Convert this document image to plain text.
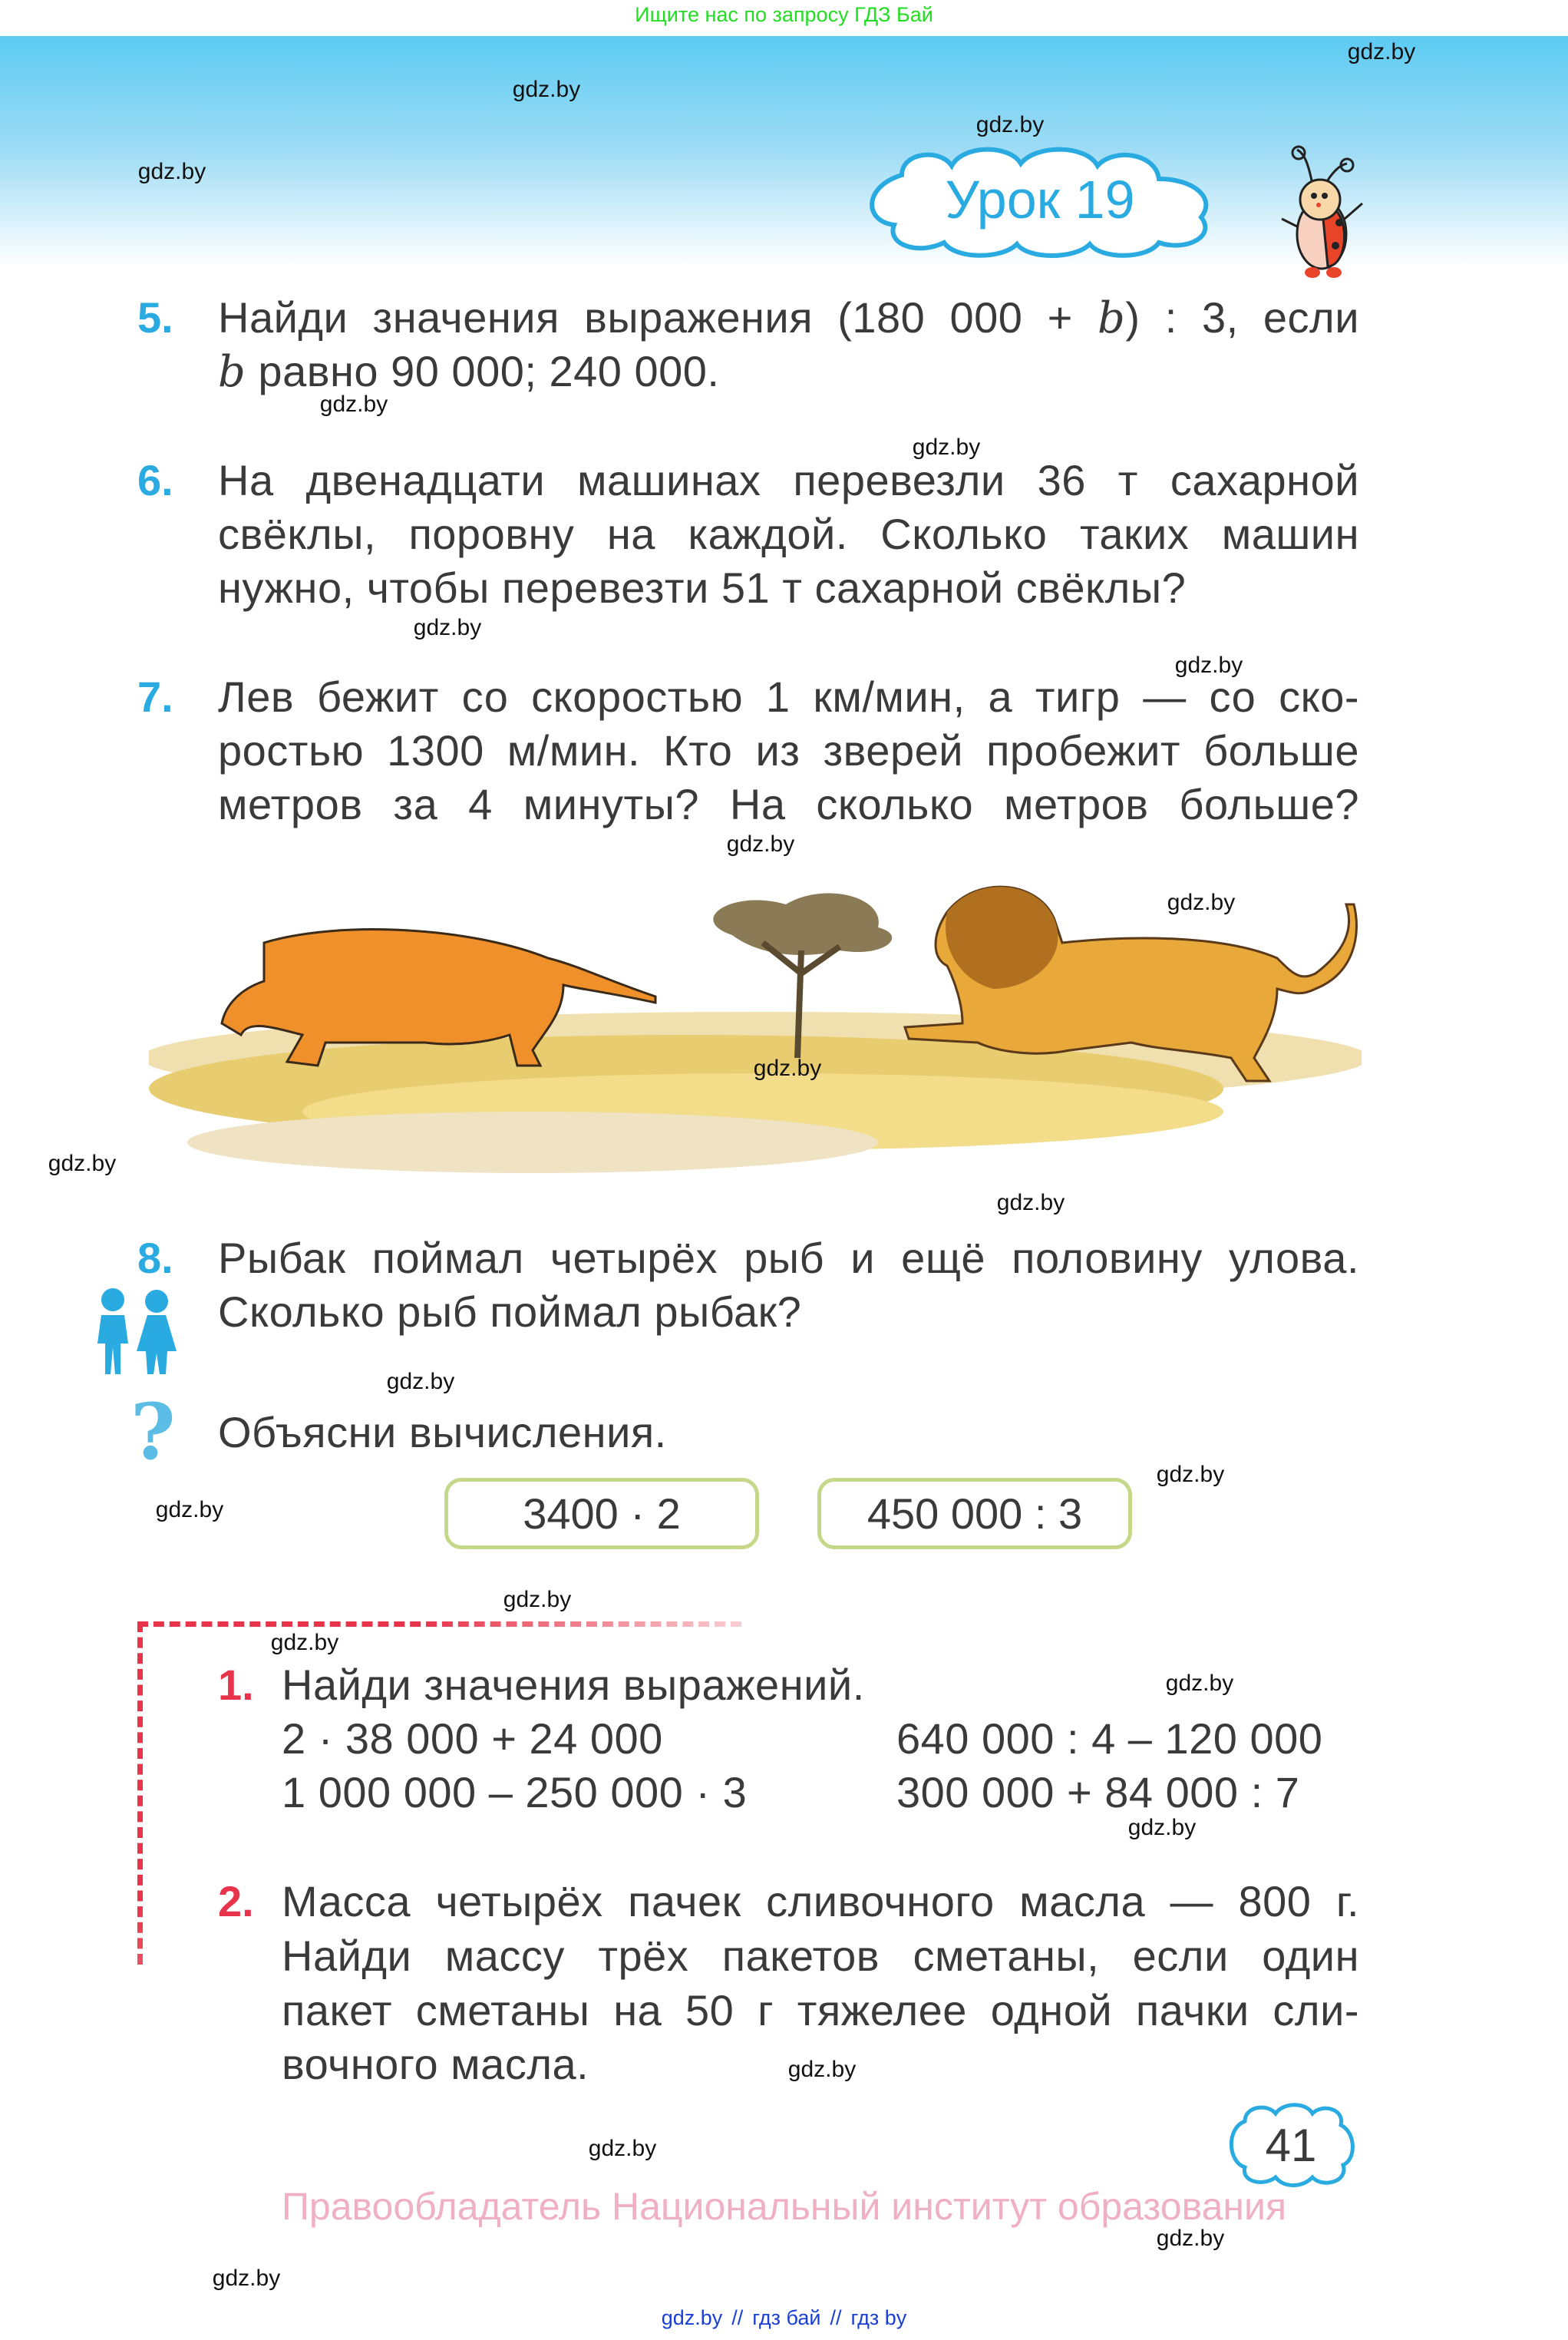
Ищите нас по запросу ГДЗ Бай
Урок 19
5. Найди значения выражения (180 000 + b) : 3, если
b равно 90 000; 240 000.
6. На двенадцати машинах перевезли 36 т сахарной
свёклы, поровну на каждой. Сколько таких машин
нужно, чтобы перевезти 51 т сахарной свёклы?
7. Лев бежит со скоростью 1 км/мин, а тигр — со ско-
ростью 1300 м/мин. Кто из зверей пробежит больше
метров за 4 минуты? На сколько метров больше?
8. Рыбак поймал четырёх рыб и ещё половину улова.
Сколько рыб поймал рыбак?
? Объясни вычисления.
3400 · 2	450 000 : 3
1. Найди значения выражений.
2 · 38 000 + 24 000
1 000 000 – 250 000 · 3
640 000 : 4 – 120 000
300 000 + 84 000 : 7
2. Масса четырёх пачек сливочного масла — 800 г.
Найди массу трёх пакетов сметаны, если один
пакет сметаны на 50 г тяжелее одной пачки сли-
вочного масла.
41
Правообладатель Национальный институт образования
gdz.by // гдз бай // гдз by
gdz.by
gdz.by
gdz.by
gdz.by
gdz.by
gdz.by
gdz.by
gdz.by
gdz.by
gdz.by
gdz.by
gdz.by
gdz.by
gdz.by
gdz.by
gdz.by
gdz.by
gdz.by
gdz.by
gdz.by
gdz.by
gdz.by
gdz.by
gdz.by
